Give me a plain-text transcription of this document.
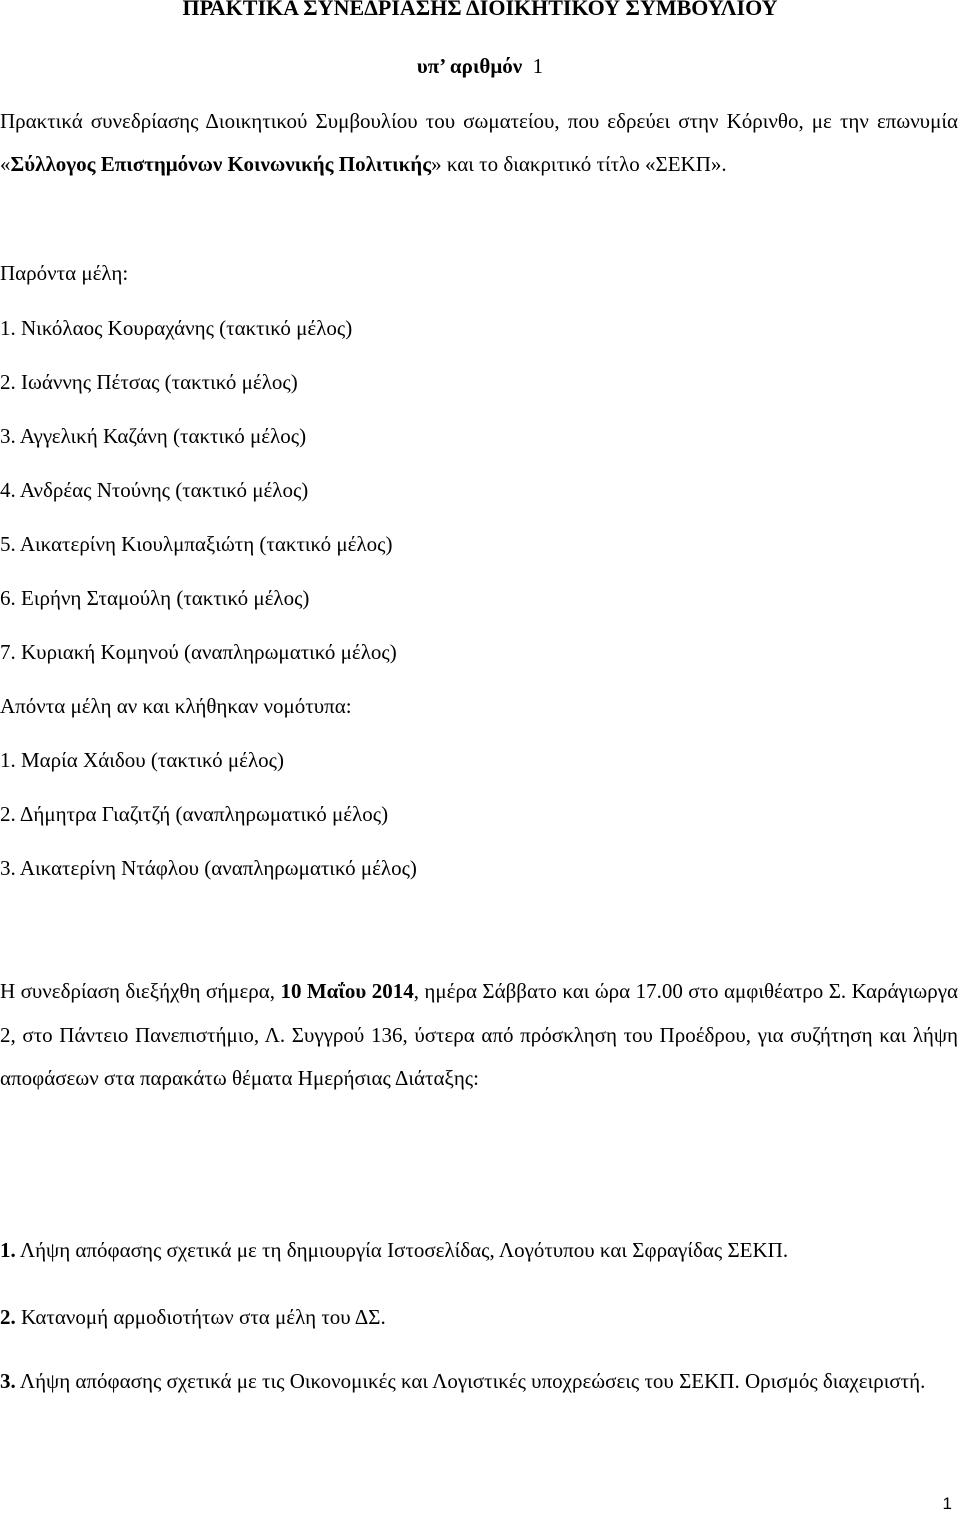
ΠΡΑΚΤΙΚΑ ΣΥΝΕΔΡΙΑΣΗΣ ΔΙΟΙΚΗΤΙΚΟΥ ΣΥΜΒΟΥΛΙΟΥ

υπ’ αριθμόν 1

Πρακτικά συνεδρίασης Διοικητικού Συμβουλίου του σωματείου, που εδρεύει στην Κόρινθο, με την επωνυμία «Σύλλογος Επιστημόνων Κοινωνικής Πολιτικής» και το διακριτικό τίτλο «ΣΕΚΠ».

Παρόντα μέλη:

1. Νικόλαος Κουραχάνης (τακτικό μέλος)
2. Ιωάννης Πέτσας (τακτικό μέλος)
3. Αγγελική Καζάνη (τακτικό μέλος)
4. Ανδρέας Ντούνης (τακτικό μέλος)
5. Αικατερίνη Κιουλμπαξιώτη (τακτικό μέλος)
6. Ειρήνη Σταμούλη (τακτικό μέλος)
7. Κυριακή Κομηνού (αναπληρωματικό μέλος)

Απόντα μέλη αν και κλήθηκαν νομότυπα:

1. Μαρία Χάιδου (τακτικό μέλος)
2. Δήμητρα Γιαζιτζή (αναπληρωματικό μέλος)
3. Αικατερίνη Ντάφλου (αναπληρωματικό μέλος)

Η συνεδρίαση διεξήχθη σήμερα, 10 Μαΐου 2014, ημέρα Σάββατο και ώρα 17.00 στο αμφιθέατρο Σ. Καράγιωργα 2, στο Πάντειο Πανεπιστήμιο, Λ. Συγγρού 136, ύστερα από πρόσκληση του Προέδρου, για συζήτηση και λήψη αποφάσεων στα παρακάτω θέματα Ημερήσιας Διάταξης:

1. Λήψη απόφασης σχετικά με τη δημιουργία Ιστοσελίδας, Λογότυπου και Σφραγίδας ΣΕΚΠ.

2. Κατανομή αρμοδιοτήτων στα μέλη του ΔΣ.

3. Λήψη απόφασης σχετικά με τις Οικονομικές και Λογιστικές υποχρεώσεις του ΣΕΚΠ. Ορισμός διαχειριστή.

1
